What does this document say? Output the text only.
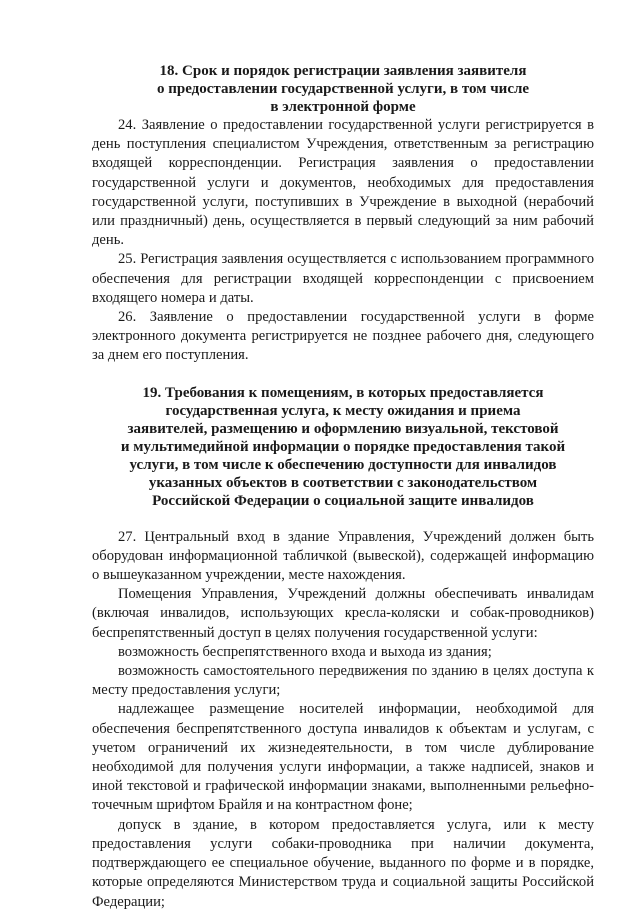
18. Срок и порядок регистрации заявления заявителя
о предоставлении государственной услуги, в том числе
в электронной форме

24. Заявление о предоставлении государственной услуги регистрируется в день поступления специалистом Учреждения, ответственным за регистрацию входящей корреспонденции. Регистрация заявления о предоставлении государственной услуги и документов, необходимых для предоставления государственной услуги, поступивших в Учреждение в выходной (нерабочий или праздничный) день, осуществляется в первый следующий за ним рабочий день.

25. Регистрация заявления осуществляется с использованием программного обеспечения для регистрации входящей корреспонденции с присвоением входящего номера и даты.

26. Заявление о предоставлении государственной услуги в форме электронного документа регистрируется не позднее рабочего дня, следующего за днем его поступления.

19. Требования к помещениям, в которых предоставляется
государственная услуга, к месту ожидания и приема
заявителей, размещению и оформлению визуальной, текстовой
и мультимедийной информации о порядке предоставления такой
услуги, в том числе к обеспечению доступности для инвалидов
указанных объектов в соответствии с законодательством
Российской Федерации о социальной защите инвалидов

27. Центральный вход в здание Управления, Учреждений должен быть оборудован информационной табличкой (вывеской), содержащей информацию о вышеуказанном учреждении, месте нахождения.

Помещения Управления, Учреждений должны обеспечивать инвалидам (включая инвалидов, использующих кресла-коляски и собак-проводников) беспрепятственный доступ в целях получения государственной услуги:

возможность беспрепятственного входа и выхода из здания;

возможность самостоятельного передвижения по зданию в целях доступа к месту предоставления услуги;

надлежащее размещение носителей информации, необходимой для обеспечения беспрепятственного доступа инвалидов к объектам и услугам, с учетом ограничений их жизнедеятельности, в том числе дублирование необходимой для получения услуги информации, а также надписей, знаков и иной текстовой и графической информации знаками, выполненными рельефно-точечным шрифтом Брайля и на контрастном фоне;

допуск в здание, в котором предоставляется услуга, или к месту предоставления услуги собаки-проводника при наличии документа, подтверждающего ее специальное обучение, выданного по форме и в порядке, которые определяются Министерством труда и социальной защиты Российской Федерации;
